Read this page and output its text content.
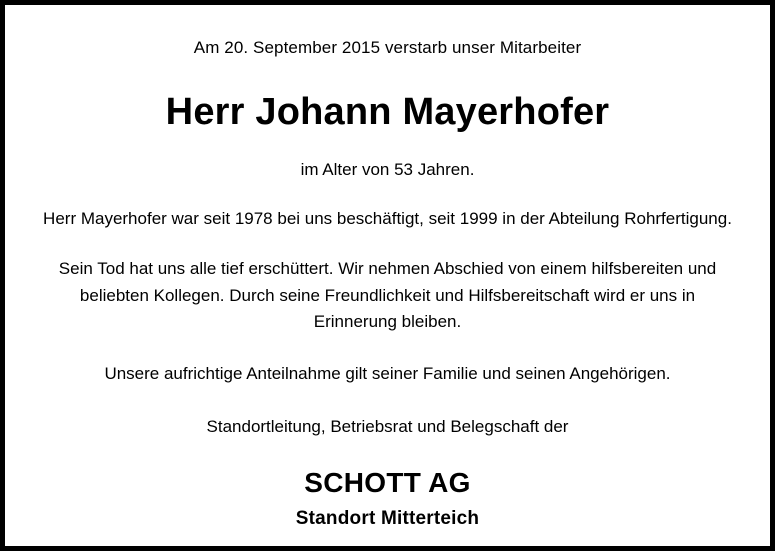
Am 20. September 2015 verstarb unser Mitarbeiter
Herr Johann Mayerhofer
im Alter von 53 Jahren.
Herr Mayerhofer war seit 1978 bei uns beschäftigt, seit 1999 in der Abteilung Rohrfertigung.
Sein Tod hat uns alle tief erschüttert. Wir nehmen Abschied von einem hilfsbereiten und beliebten Kollegen. Durch seine Freundlichkeit und Hilfsbereitschaft wird er uns in Erinnerung bleiben.
Unsere aufrichtige Anteilnahme gilt seiner Familie und seinen Angehörigen.
Standortleitung, Betriebsrat und Belegschaft der
SCHOTT AG
Standort Mitterteich
